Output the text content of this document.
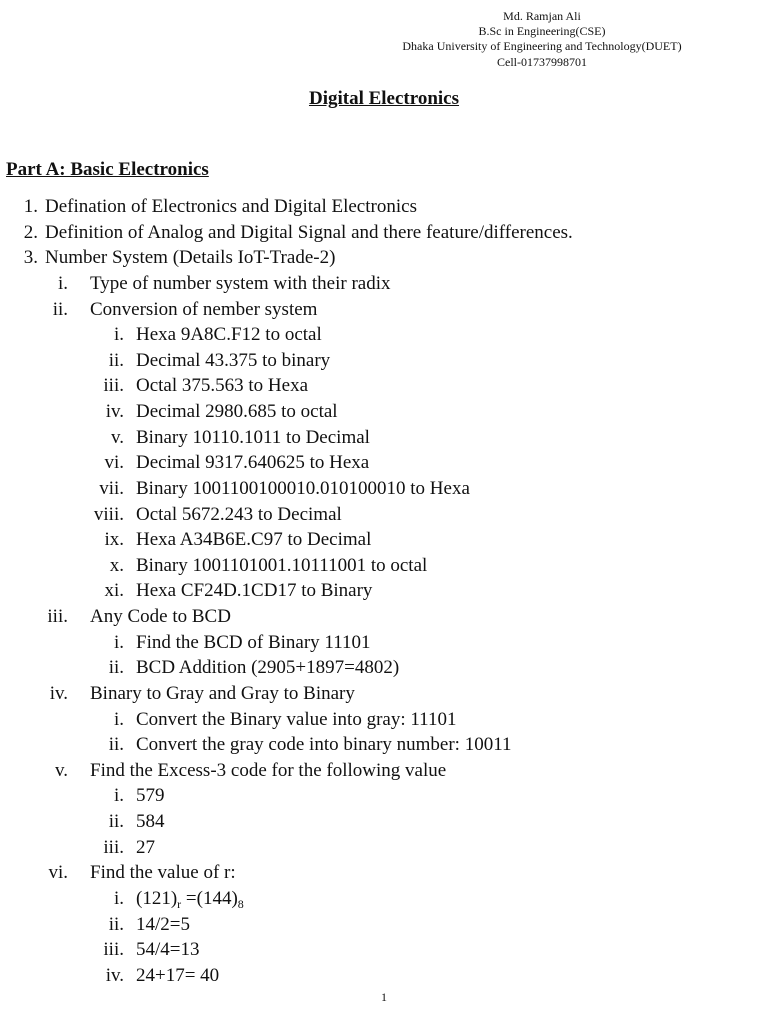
Md. Ramjan Ali
B.Sc in Engineering(CSE)
Dhaka University of Engineering and Technology(DUET)
Cell-01737998701
Digital Electronics
Part A: Basic Electronics
1. Defination of Electronics and Digital Electronics
2. Definition of Analog and Digital Signal and there feature/differences.
3. Number System (Details IoT-Trade-2)
i. Type of number system with their radix
ii. Conversion of nember system
i. Hexa 9A8C.F12 to octal
ii. Decimal 43.375 to binary
iii. Octal 375.563 to Hexa
iv. Decimal 2980.685 to octal
v. Binary 10110.1011 to Decimal
vi. Decimal 9317.640625 to Hexa
vii. Binary 1001100100010.010100010 to Hexa
viii. Octal 5672.243 to Decimal
ix. Hexa A34B6E.C97 to Decimal
x. Binary 1001101001.10111001 to octal
xi. Hexa CF24D.1CD17 to Binary
iii. Any Code to BCD
i. Find the BCD of Binary 11101
ii. BCD Addition (2905+1897=4802)
iv. Binary to Gray and Gray to Binary
i. Convert the Binary value into gray: 11101
ii. Convert the gray code into binary number: 10011
v. Find the Excess-3 code for the following value
i. 579
ii. 584
iii. 27
vi. Find the value of r:
i. $(121)_r =(144)_8$
ii. 14/2=5
iii. 54/4=13
iv. 24+17= 40
1
